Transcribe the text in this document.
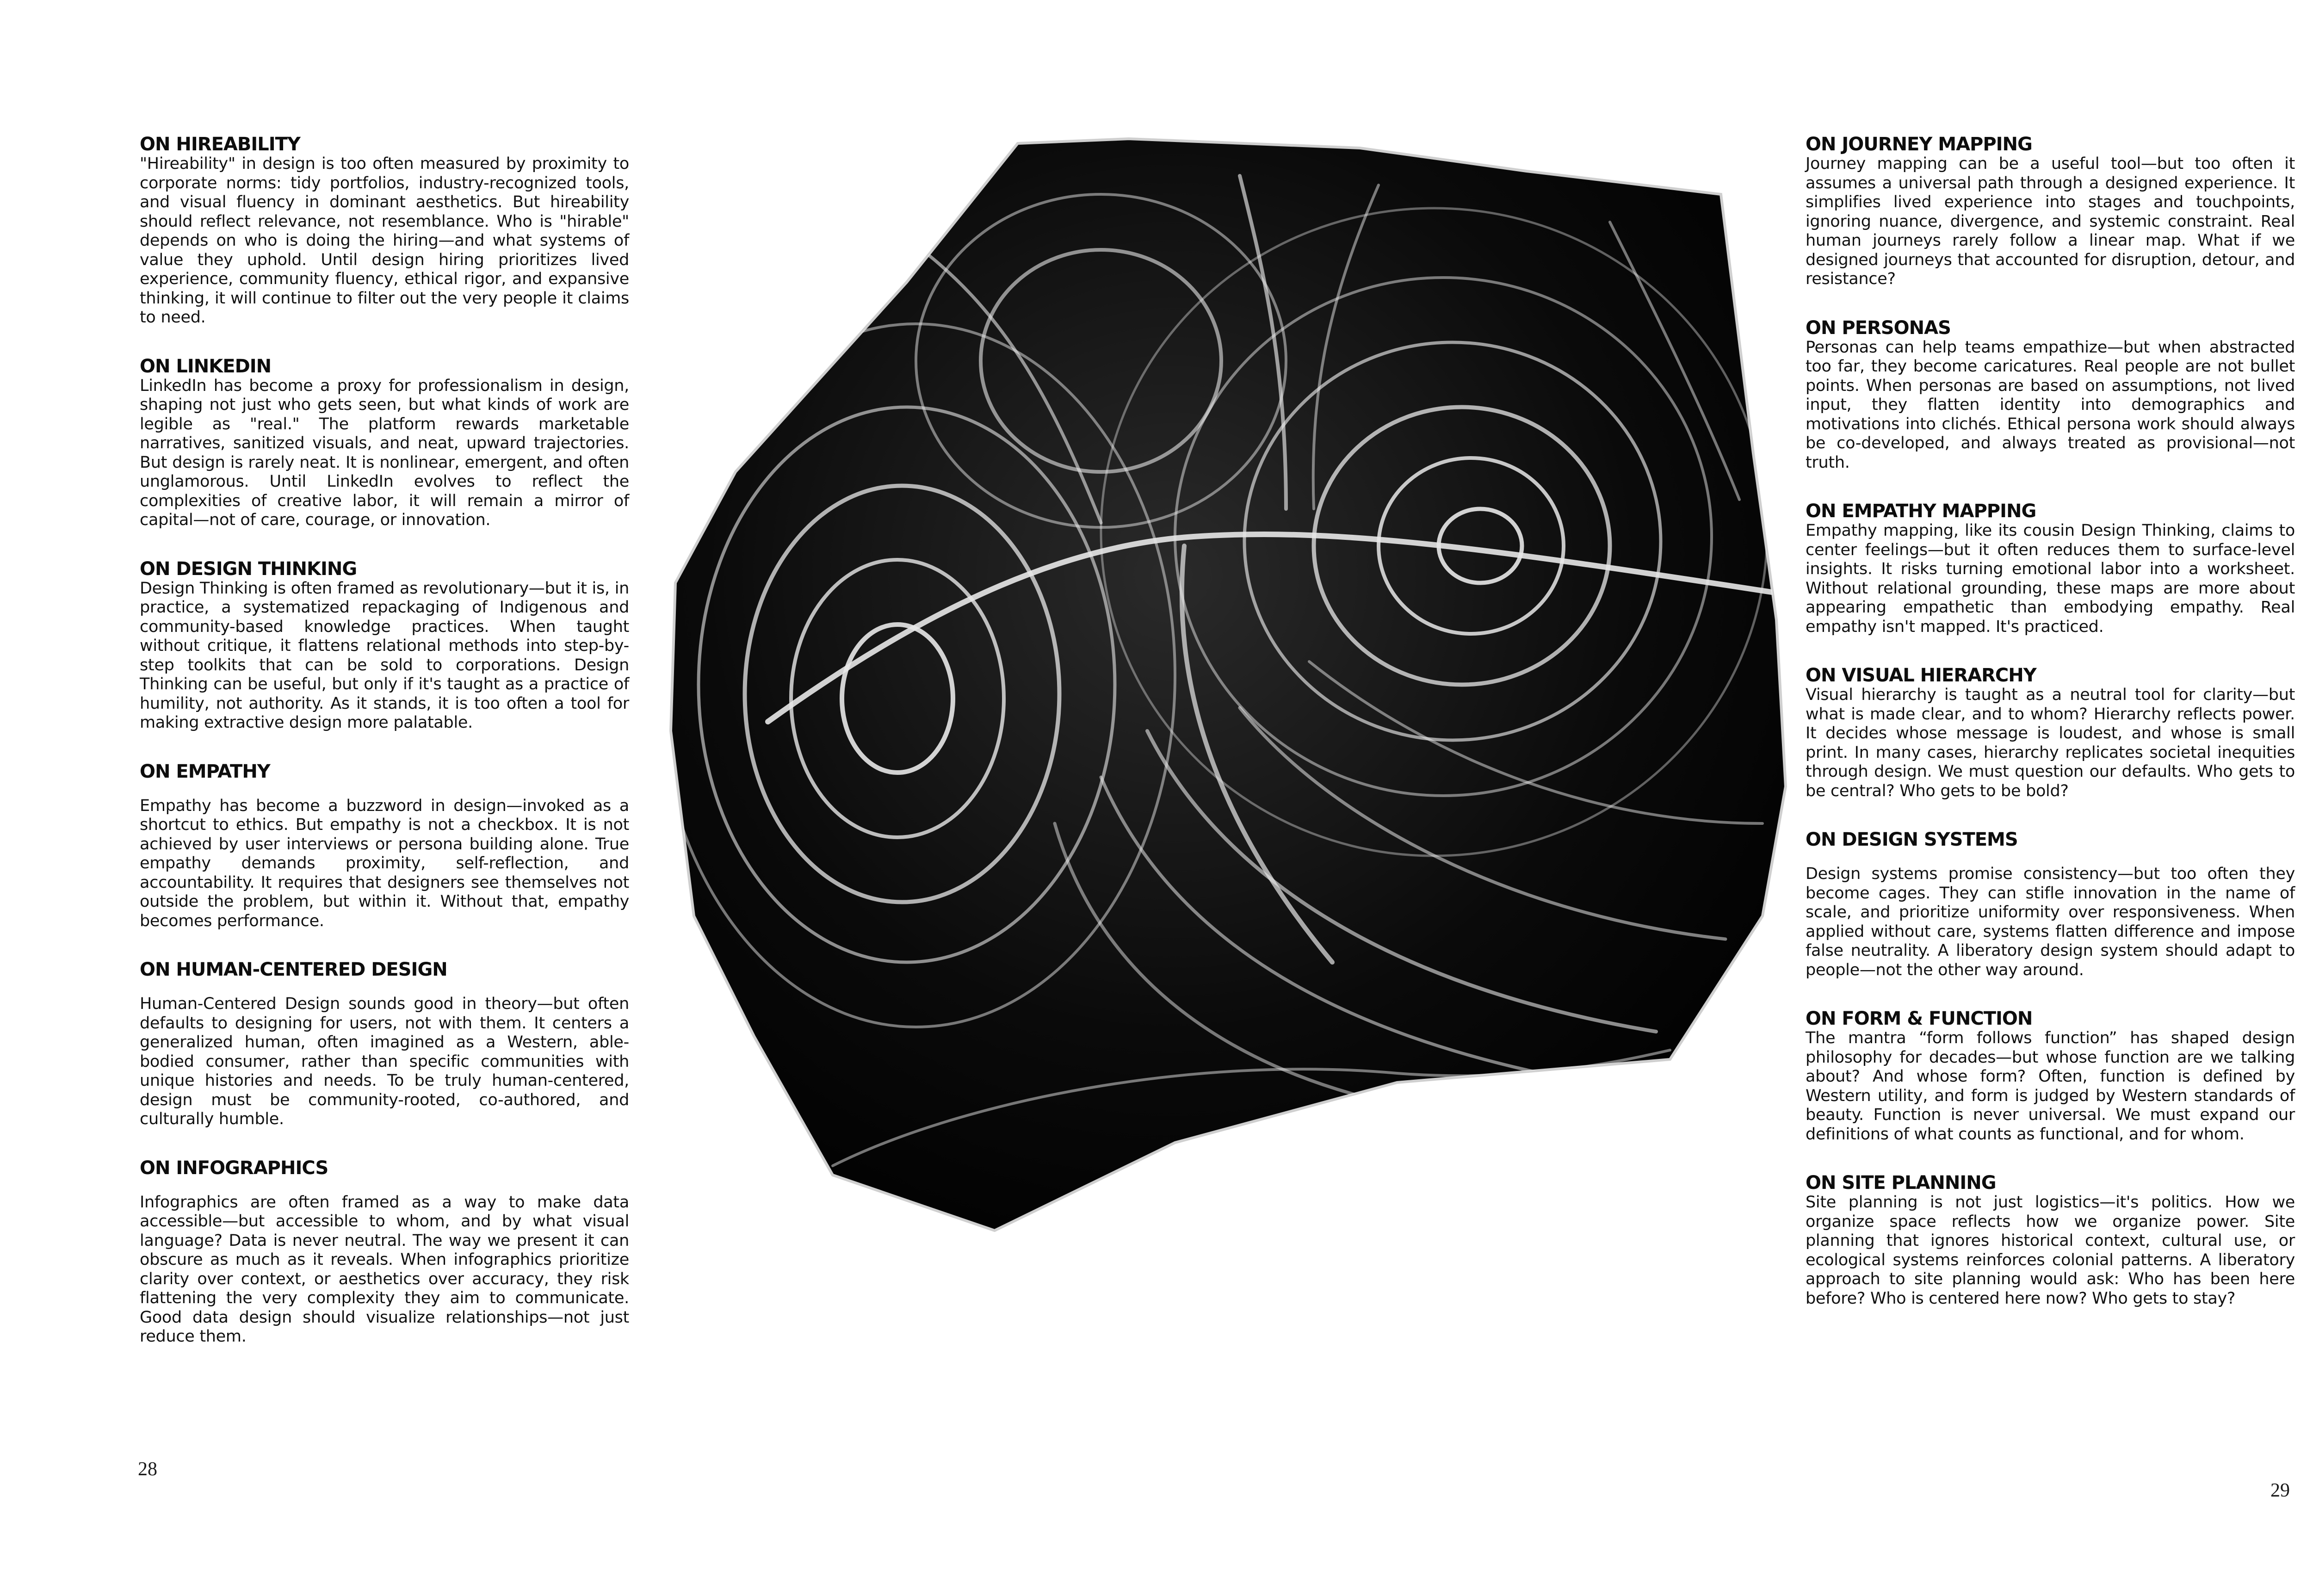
ON HIREABILITY

"Hireability" in design is too often measured by proximity to corporate norms: tidy portfolios, industry-recognized tools, and visual fluency in dominant aesthetics. But hireability should reflect relevance, not resemblance. Who is "hirable" depends on who is doing the hiring—and what systems of value they uphold. Until design hiring prioritizes lived experience, community fluency, ethical rigor, and expansive thinking, it will continue to filter out the very people it claims to need.

ON LINKEDIN

LinkedIn has become a proxy for professionalism in design, shaping not just who gets seen, but what kinds of work are legible as "real." The platform rewards marketable narratives, sanitized visuals, and neat, upward trajectories. But design is rarely neat. It is nonlinear, emergent, and often unglamorous. Until LinkedIn evolves to reflect the complexities of creative labor, it will remain a mirror of capital—not of care, courage, or innovation.

ON DESIGN THINKING

Design Thinking is often framed as revolutionary—but it is, in practice, a systematized repackaging of Indigenous and community-based knowledge practices. When taught without critique, it flattens relational methods into step-by-step toolkits that can be sold to corporations. Design Thinking can be useful, but only if it's taught as a practice of humility, not authority. As it stands, it is too often a tool for making extractive design more palatable.

ON EMPATHY

Empathy has become a buzzword in design—invoked as a shortcut to ethics. But empathy is not a checkbox. It is not achieved by user interviews or persona building alone. True empathy demands proximity, self-reflection, and accountability. It requires that designers see themselves not outside the problem, but within it. Without that, empathy becomes performance.

ON HUMAN-CENTERED DESIGN

Human-Centered Design sounds good in theory—but often defaults to designing for users, not with them. It centers a generalized human, often imagined as a Western, able-bodied consumer, rather than specific communities with unique histories and needs. To be truly human-centered, design must be community-rooted, co-authored, and culturally humble.

ON INFOGRAPHICS

Infographics are often framed as a way to make data accessible—but accessible to whom, and by what visual language? Data is never neutral. The way we present it can obscure as much as it reveals. When infographics prioritize clarity over context, or aesthetics over accuracy, they risk flattening the very complexity they aim to communicate. Good data design should visualize relationships—not just reduce them.

28
ON JOURNEY MAPPING

Journey mapping can be a useful tool—but too often it assumes a universal path through a designed experience. It simplifies lived experience into stages and touchpoints, ignoring nuance, divergence, and systemic constraint. Real human journeys rarely follow a linear map. What if we designed journeys that accounted for disruption, detour, and resistance?

ON PERSONAS

Personas can help teams empathize—but when abstracted too far, they become caricatures. Real people are not bullet points. When personas are based on assumptions, not lived input, they flatten identity into demographics and motivations into clichés. Ethical persona work should always be co-developed, and always treated as provisional—not truth.

ON EMPATHY MAPPING

Empathy mapping, like its cousin Design Thinking, claims to center feelings—but it often reduces them to surface-level insights. It risks turning emotional labor into a worksheet. Without relational grounding, these maps are more about appearing empathetic than embodying empathy. Real empathy isn't mapped. It's practiced.

ON VISUAL HIERARCHY

Visual hierarchy is taught as a neutral tool for clarity—but what is made clear, and to whom? Hierarchy reflects power. It decides whose message is loudest, and whose is small print. In many cases, hierarchy replicates societal inequities through design. We must question our defaults. Who gets to be central? Who gets to be bold?

ON DESIGN SYSTEMS

Design systems promise consistency—but too often they become cages. They can stifle innovation in the name of scale, and prioritize uniformity over responsiveness. When applied without care, systems flatten difference and impose false neutrality. A liberatory design system should adapt to people—not the other way around.

ON FORM & FUNCTION

The mantra “form follows function” has shaped design philosophy for decades—but whose function are we talking about? And whose form? Often, function is defined by Western utility, and form is judged by Western standards of beauty. Function is never universal. We must expand our definitions of what counts as functional, and for whom.

ON SITE PLANNING

Site planning is not just logistics—it's politics. How we organize space reflects how we organize power. Site planning that ignores historical context, cultural use, or ecological systems reinforces colonial patterns. A liberatory approach to site planning would ask: Who has been here before? Who is centered here now? Who gets to stay?

29
